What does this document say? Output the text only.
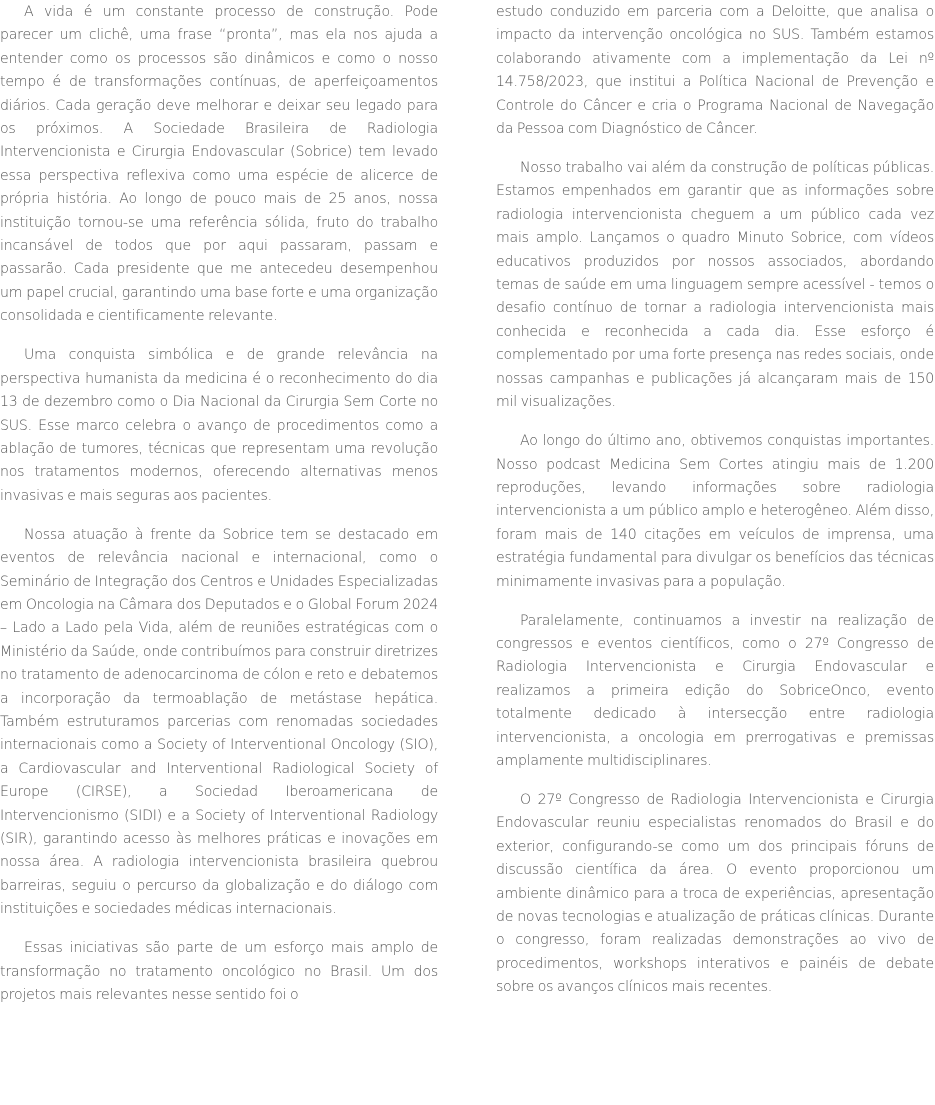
A vida é um constante processo de construção. Pode parecer um clichê, uma frase “pronta”, mas ela nos ajuda a entender como os processos são dinâmicos e como o nosso tempo é de transformações contínuas, de aperfeiçoamentos diários. Cada geração deve melhorar e deixar seu legado para os próximos. A Sociedade Brasileira de Radiologia Intervencionista e Cirurgia Endovascular (Sobrice) tem levado essa perspectiva reflexiva como uma espécie de alicerce de própria história. Ao longo de pouco mais de 25 anos, nossa instituição tornou-se uma referência sólida, fruto do trabalho incansável de todos que por aqui passaram, passam e passarão. Cada presidente que me antecedeu desempenhou um papel crucial, garantindo uma base forte e uma organização consolidada e cientificamente relevante.

Uma conquista simbólica e de grande relevância na perspectiva humanista da medicina é o reconhecimento do dia 13 de dezembro como o Dia Nacional da Cirurgia Sem Corte no SUS. Esse marco celebra o avanço de procedimentos como a ablação de tumores, técnicas que representam uma revolução nos tratamentos modernos, oferecendo alternativas menos invasivas e mais seguras aos pacientes.

Nossa atuação à frente da Sobrice tem se destacado em eventos de relevância nacional e internacional, como o Seminário de Integração dos Centros e Unidades Especializadas em Oncologia na Câmara dos Deputados e o Global Forum 2024 – Lado a Lado pela Vida, além de reuniões estratégicas com o Ministério da Saúde, onde contribuímos para construir diretrizes no tratamento de adenocarcinoma de cólon e reto e debatemos a incorporação da termoablação de metástase hepática. Também estruturamos parcerias com renomadas sociedades internacionais como a Society of Interventional Oncology (SIO), a Cardiovascular and Interventional Radiological Society of Europe (CIRSE), a Sociedad Iberoamericana de Intervencionismo (SIDI) e a Society of Interventional Radiology (SIR), garantindo acesso às melhores práticas e inovações em nossa área. A radiologia intervencionista brasileira quebrou barreiras, seguiu o percurso da globalização e do diálogo com instituições e sociedades médicas internacionais.

Essas iniciativas são parte de um esforço mais amplo de transformação no tratamento oncológico no Brasil. Um dos projetos mais relevantes nesse sentido foi o

estudo conduzido em parceria com a Deloitte, que analisa o impacto da intervenção oncológica no SUS. Também estamos colaborando ativamente com a implementação da Lei nº 14.758/2023, que institui a Política Nacional de Prevenção e Controle do Câncer e cria o Programa Nacional de Navegação da Pessoa com Diagnóstico de Câncer.

Nosso trabalho vai além da construção de políticas públicas. Estamos empenhados em garantir que as informações sobre radiologia intervencionista cheguem a um público cada vez mais amplo. Lançamos o quadro Minuto Sobrice, com vídeos educativos produzidos por nossos associados, abordando temas de saúde em uma linguagem sempre acessível - temos o desafio contínuo de tornar a radiologia intervencionista mais conhecida e reconhecida a cada dia. Esse esforço é complementado por uma forte presença nas redes sociais, onde nossas campanhas e publicações já alcançaram mais de 150 mil visualizações.

Ao longo do último ano, obtivemos conquistas importantes. Nosso podcast Medicina Sem Cortes atingiu mais de 1.200 reproduções, levando informações sobre radiologia intervencionista a um público amplo e heterogêneo. Além disso, foram mais de 140 citações em veículos de imprensa, uma estratégia fundamental para divulgar os benefícios das técnicas minimamente invasivas para a população.

Paralelamente, continuamos a investir na realização de congressos e eventos científicos, como o 27º Congresso de Radiologia Intervencionista e Cirurgia Endovascular e realizamos a primeira edição do SobriceOnco, evento totalmente dedicado à intersecção entre radiologia intervencionista, a oncologia em prerrogativas e premissas amplamente multidisciplinares.

O 27º Congresso de Radiologia Intervencionista e Cirurgia Endovascular reuniu especialistas renomados do Brasil e do exterior, configurando-se como um dos principais fóruns de discussão científica da área. O evento proporcionou um ambiente dinâmico para a troca de experiências, apresentação de novas tecnologias e atualização de práticas clínicas. Durante o congresso, foram realizadas demonstrações ao vivo de procedimentos, workshops interativos e painéis de debate sobre os avanços clínicos mais recentes.
